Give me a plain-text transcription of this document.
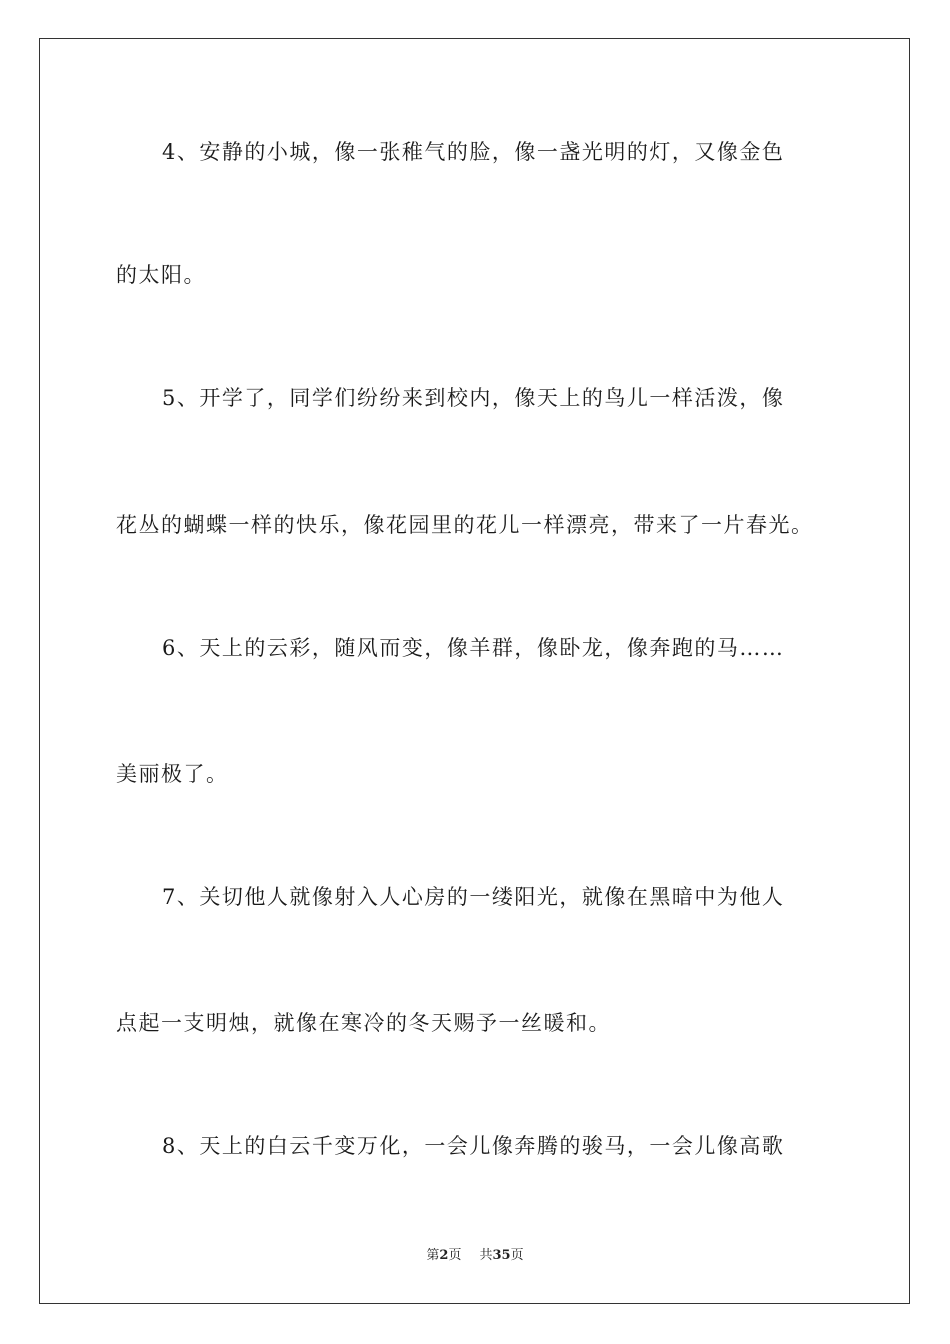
4、安静的小城，像一张稚气的脸，像一盏光明的灯，又像金色
的太阳。
5、开学了，同学们纷纷来到校内，像天上的鸟儿一样活泼，像
花丛的蝴蝶一样的快乐，像花园里的花儿一样漂亮，带来了一片春光。
6、天上的云彩，随风而变，像羊群，像卧龙，像奔跑的马……
美丽极了。
7、关切他人就像射入人心房的一缕阳光，就像在黑暗中为他人
点起一支明烛，就像在寒冷的冬天赐予一丝暖和。
8、天上的白云千变万化，一会儿像奔腾的骏马，一会儿像高歌
第2页 共35页
